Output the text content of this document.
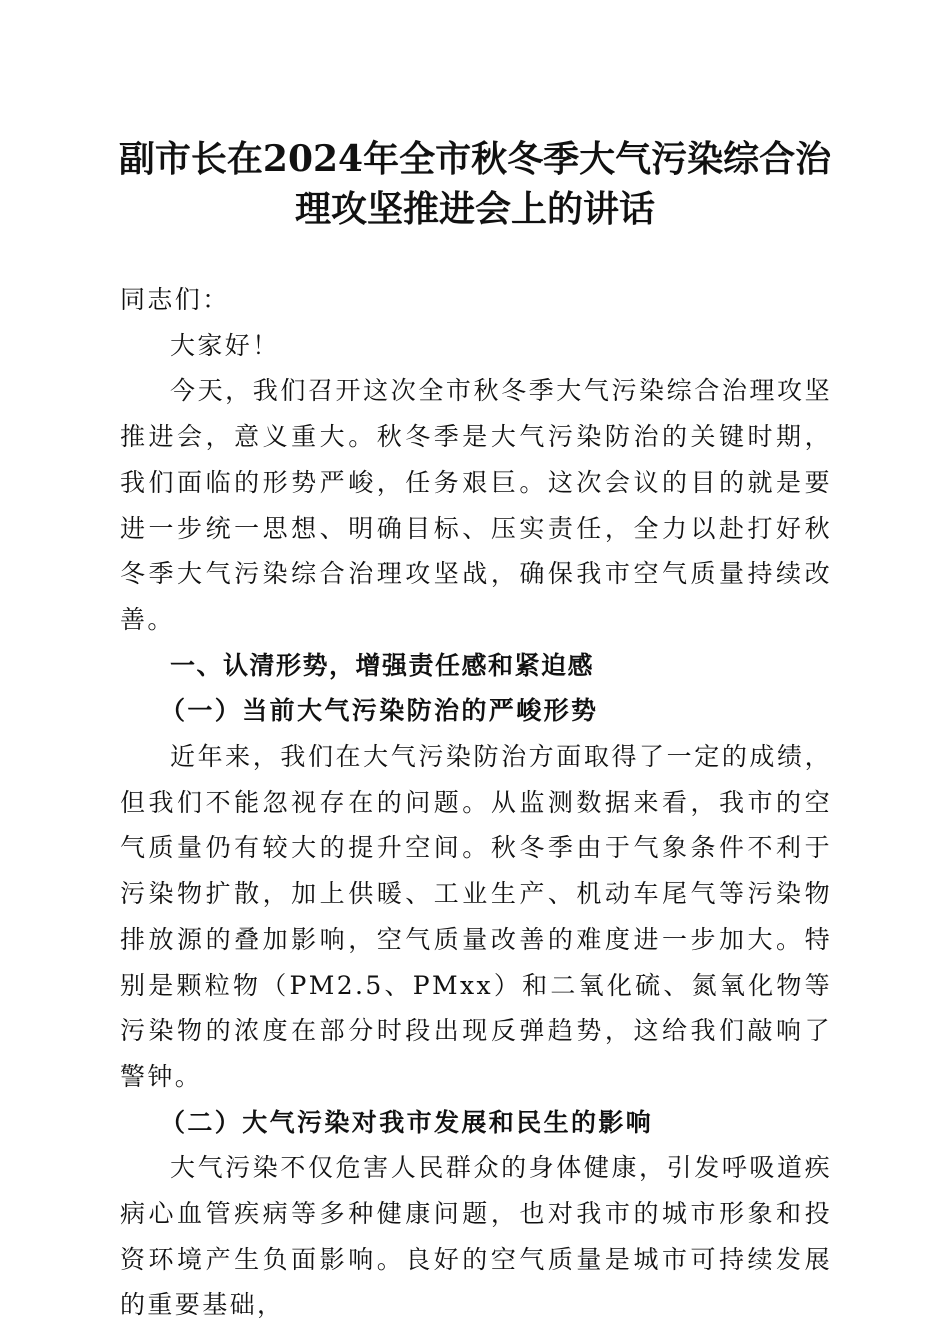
副市长在2024年全市秋冬季大气污染综合治
理攻坚推进会上的讲话

同志们：

大家好！

今天，我们召开这次全市秋冬季大气污染综合治理攻坚推进会，意义重大。秋冬季是大气污染防治的关键时期，我们面临的形势严峻，任务艰巨。这次会议的目的就是要进一步统一思想、明确目标、压实责任，全力以赴打好秋冬季大气污染综合治理攻坚战，确保我市空气质量持续改善。

一、认清形势，增强责任感和紧迫感

（一）当前大气污染防治的严峻形势

近年来，我们在大气污染防治方面取得了一定的成绩，但我们不能忽视存在的问题。从监测数据来看，我市的空气质量仍有较大的提升空间。秋冬季由于气象条件不利于污染物扩散，加上供暖、工业生产、机动车尾气等污染物排放源的叠加影响，空气质量改善的难度进一步加大。特别是颗粒物（PM2.5、PMxx）和二氧化硫、氮氧化物等污染物的浓度在部分时段出现反弹趋势，这给我们敲响了警钟。

（二）大气污染对我市发展和民生的影响

大气污染不仅危害人民群众的身体健康，引发呼吸道疾病心血管疾病等多种健康问题，也对我市的城市形象和投资环境产生负面影响。良好的空气质量是城市可持续发展的重要基础，
